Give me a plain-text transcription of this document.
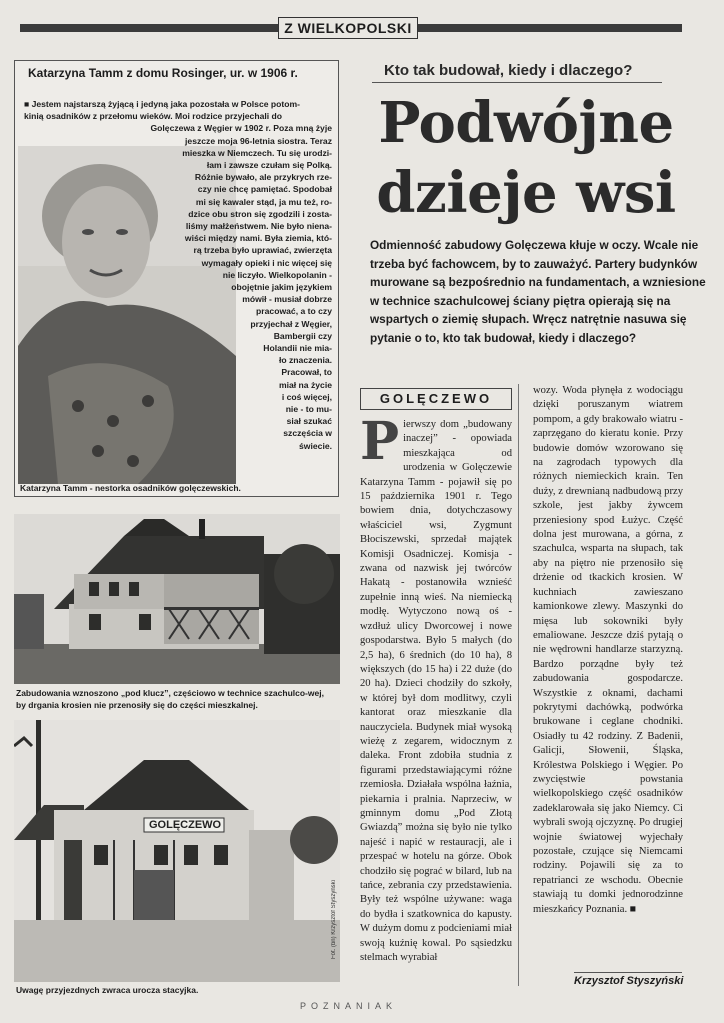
Z WIELKOPOLSKI
Katarzyna Tamm z domu Rosinger, ur. w 1906 r.
■ Jestem najstarszą żyjącą i jedyną jaka pozostała w Polsce potom-
kinią osadników z przełomu wieków. Moi rodzice przyjechali do
Golęczewa z Węgier w 1902 r. Poza mną żyje
jeszcze moja 96-letnia siostra. Teraz
mieszka w Niemczech. Tu się urodzi-
łam i zawsze czułam się Polką.
Różnie bywało, ale przykrych rze-
czy nie chcę pamiętać. Spodobał
mi się kawaler stąd, ja mu też, ro-
dzice obu stron się zgodzili i zosta-
liśmy małżeństwem. Nie było nienа-
wiści między nami. Była ziemia, któ-
rą trzeba było uprawiać, zwierzęta
wymagały opieki i nic więcej się
nie liczyło. Wielkopolanin -
obojętnie jakim językiem
mówił - musiał dobrze
pracować, a to czy
przyjechał z Węgier,
Bambergii czy
Holandii nie miа-
ło znaczenia.
Pracował, to
miał na życie
i coś więcej,
nie - to mu-
siał szukać
szczęścia w
świecie.
Katarzyna Tamm - nestorka osadników golęczewskich.
Zabudowania wznoszono „pod klucz”, częściowo w technice szachulco-wej, by drgania krosien nie przenosiły się do części mieszkalnej.
GOLĘCZEWO
Fot. (bn) Krzysztof Styszyński
Uwagę przyjezdnych zwraca urocza stacyjka.
Kto tak budował, kiedy i dlaczego?
Podwójne
dzieje wsi
Odmienność zabudowy Golęczewa kłuje w oczy. Wcale nie trzeba być fachowcem, by to zauważyć. Partery budynków murowane są bezpośrednio na fundamentach, a wzniesione w technice szachulcowej ściany piętra opierają się na wspartych o ziemię słupach. Wręcz natrętnie nasuwa się pytanie o to, kto tak budował, kiedy i dlaczego?
GOLĘCZEWO
Pierwszy dom „budowany inaczej” - opowiada mieszkająca od urodzenia w Golęczewie Katarzyna Tamm - pojawił się po 15 października 1901 r. Tego bowiem dnia, dotychczasowy właściciel wsi, Zygmunt Błociszewski, sprzedał majątek Komisji Osadniczej. Komisja - zwana od nazwisk jej twórców Hakatą - postanowiła wznieść zupełnie inną wieś. Na niemiecką modłę. Wytyczono nową oś - wzdłuż ulicy Dworcowej i nowe gospodarstwa. Było 5 małych (do 2,5 ha), 6 średnich (do 10 ha), 8 większych (do 15 ha) i 22 duże (do 20 ha). Dzieci chodziły do szkoły, w której był dom modlitwy, czyli kantorat oraz mieszkanie dla nauczyciela. Budynek miał wysoką wieżę z zegarem, widocznym z daleka. Front zdobiła studnia z figurami przedstawiającymi różne rzemiosła. Działała wspólna łaźnia, piekarnia i pralnia. Naprzeciw, w gminnym domu „Pod Złotą Gwiazdą” można się było nie tylko najeść i napić w restauracji, ale i przespać w hotelu na górze. Obok chodziło się pograć w bilard, lub na tańce, zebrania czy przedstawienia. Były też wspólne używane: waga do bydła i szatkownica do kapusty. W dużym domu z podcieniami miał swoją kuźnię kowal. Po sąsiedzku stelmach wyrabiał
wozy. Woda płynęła z wodociągu dzięki poruszanym wiatrem pompom, a gdy brakowało wiatru - zaprzęgano do kieratu konie. Przy budowie domów wzorowano się na zagrodach typowych dla różnych niemieckich krain. Ten duży, z drewnianą nadbudową przy szkole, jest jakby żywcem przeniesiony spod Łużyc. Część dolna jest murowana, a górna, z szachulca, wsparta na słupach, tak aby na piętro nie przenosiło się drżenie od tkackich krosien. W kuchniach zawieszano kamionkowe zlewy. Maszynki do mięsa lub sokowniki były emaliowane. Jeszcze dziś pytają o nie wędrowni handlarze starzyzną. Bardzo porządne były też zabudowania gospodarcze. Wszystkie z oknami, dachami pokrytymi dachówką, podwórka brukowane i ceglane chodniki. Osiadły tu 42 rodziny. Z Badenii, Galicji, Słowenii, Śląska, Królestwa Polskiego i Węgier. Po zwycięstwie powstania wielkopolskiego część osadników zadeklarowała się jako Niemcy. Ci wybrali swoją ojczyznę. Po drugiej wojnie światowej wyjechały pozostałe, czujące się Niemcami rodziny. Pojawili się za to repatrianci ze wschodu. Obecnie stawiają tu domki jednorodzinne mieszkańcy Poznania. ■
Krzysztof Styszyński
POZNANIAK
